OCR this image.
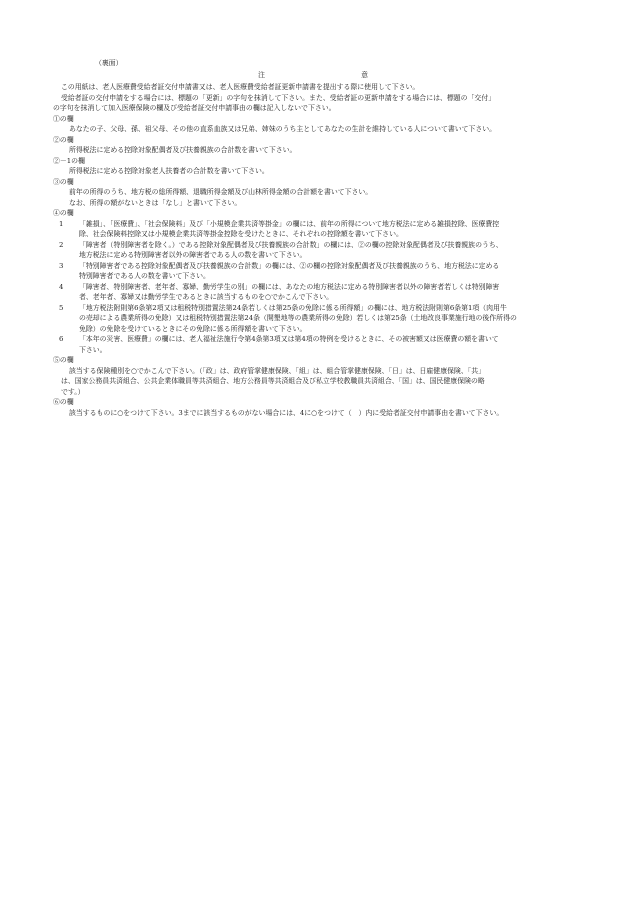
（裏面）
注	意

この用紙は、老人医療費受給者証交付申請書又は、老人医療費受給者証更新申請書を提出する際に使用して下さい。

受給者証の交付申請をする場合には、標題の「更新」の字句を抹消して下さい。また、受給者証の更新申請をする場合には、標題の「交付」

の字句を抹消して加入医療保険の欄及び受給者証交付申請事由の欄は記入しないで下さい。

①の欄

あなたの子、父母、孫、祖父母、その他の直系血族又は兄弟、姉妹のうち主としてあなたの生計を維持している人について書いて下さい。

②の欄

所得税法に定める控除対象配偶者及び扶養親族の合計数を書いて下さい。

②－1の欄

所得税法に定める控除対象老人扶養者の合計数を書いて下さい。

③の欄

前年の所得のうち、地方税の総所得額、退職所得金額及び山林所得金額の合計額を書いて下さい。

なお、所得の額がないときは「なし」と書いて下さい。

④の欄

1	「雑損」、「医療費」、「社会保険料」及び「小規模企業共済等掛金」の欄には、前年の所得について地方税法に定める雑損控除、医療費控
除、社会保険料控除又は小規模企業共済等掛金控除を受けたときに、それぞれの控除額を書いて下さい。
2	「障害者（特別障害者を除く。）である控除対象配偶者及び扶養親族の合計数」の欄には、②の欄の控除対象配偶者及び扶養親族のうち、
地方税法に定める特別障害者以外の障害者である人の数を書いて下さい。
3	「特別障害者である控除対象配偶者及び扶養親族の合計数」の欄には、②の欄の控除対象配偶者及び扶養親族のうち、地方税法に定める
特別障害者である人の数を書いて下さい。
4	「障害者、特別障害者、老年者、寡婦、勤労学生の別」の欄には、あなたの地方税法に定める特別障害者以外の障害者若しくは特別障害
者、老年者、寡婦又は勤労学生であるときに該当するものを○でかこんで下さい。
5	「地方税法附則第6条第2項又は租税特別措置法第24条若しくは第25条の免除に係る所得額」の欄には、地方税法附則第6条第1項（肉用牛
の売却による農業所得の免除）又は租税特別措置法第24条（開墾地等の農業所得の免除）若しくは第25条（土地改良事業施行地の後作所得の
免除）の免除を受けているときにその免除に係る所得額を書いて下さい。
6	「本年の災害、医療費」の欄には、老人福祉法施行令第4条第3項又は第4項の特例を受けるときに、その被害額又は医療費の額を書いて
下さい。

⑤の欄

該当する保険種別を○でかこんで下さい。（「政」は、政府管掌健康保険、「組」は、組合管掌健康保険、「日」は、日雇健康保険、「共」

は、国家公務員共済組合、公共企業体職員等共済組合、地方公務員等共済組合及び私立学校教職員共済組合、「国」は、国民健康保険の略

です。）

⑥の欄

該当するものに○をつけて下さい。3までに該当するものがない場合には、4に○をつけて（　）内に受給者証交付申請事由を書いて下さい。
